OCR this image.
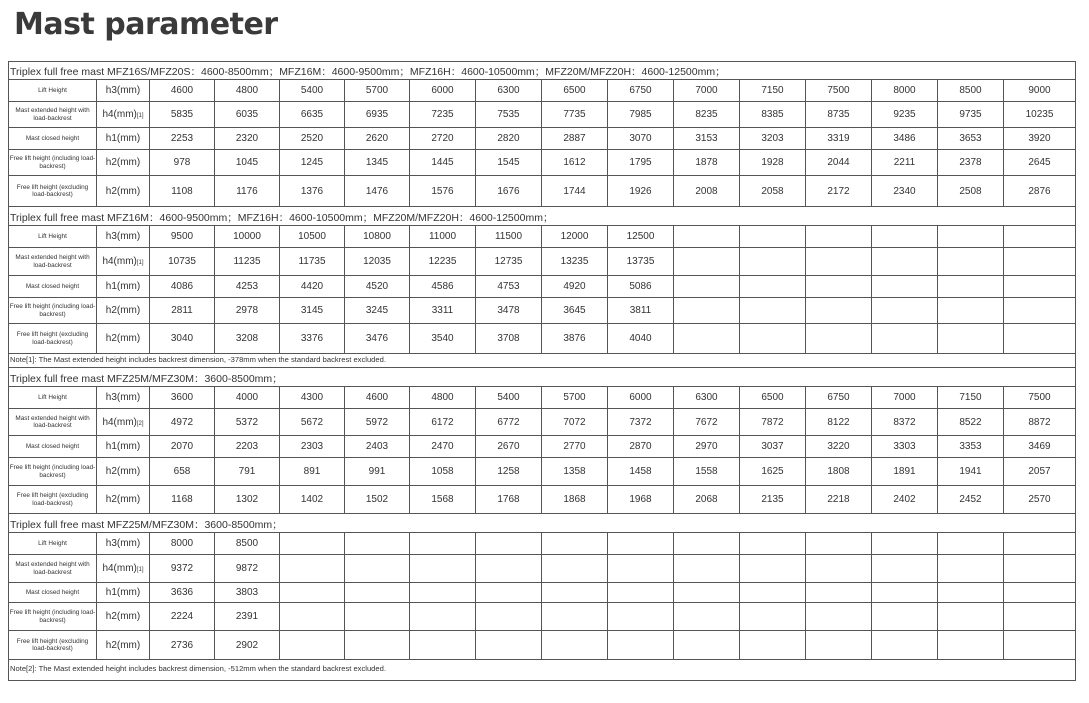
Mast parameter
Triplex full free mast MFZ16S/MFZ20S：4600-8500mm；MFZ16M：4600-9500mm；MFZ16H：4600-10500mm；MFZ20M/MFZ20H：4600-12500mm；
Lift Height	h3(mm)	4600	4800	5400	5700	6000	6300	6500	6750	7000	7150	7500	8000	8500	9000
Mast extended height with load-backrest	h4(mm)[1]	5835	6035	6635	6935	7235	7535	7735	7985	8235	8385	8735	9235	9735	10235
Mast closed height	h1(mm)	2253	2320	2520	2620	2720	2820	2887	3070	3153	3203	3319	3486	3653	3920
Free lift height (including load-backrest)	h2(mm)	978	1045	1245	1345	1445	1545	1612	1795	1878	1928	2044	2211	2378	2645
Free lift height (excluding load-backrest)	h2(mm)	1108	1176	1376	1476	1576	1676	1744	1926	2008	2058	2172	2340	2508	2876
Triplex full free mast MFZ16M：4600-9500mm；MFZ16H：4600-10500mm；MFZ20M/MFZ20H：4600-12500mm；
Lift Height	h3(mm)	9500	10000	10500	10800	11000	11500	12000	12500						
Mast extended height with load-backrest	h4(mm)[1]	10735	11235	11735	12035	12235	12735	13235	13735						
Mast closed height	h1(mm)	4086	4253	4420	4520	4586	4753	4920	5086						
Free lift height (including load-backrest)	h2(mm)	2811	2978	3145	3245	3311	3478	3645	3811						
Free lift height (excluding load-backrest)	h2(mm)	3040	3208	3376	3476	3540	3708	3876	4040						
Note[1]: The Mast extended height includes backrest dimension, -378mm when the standard backrest excluded.
Triplex full free mast MFZ25M/MFZ30M：3600-8500mm；
Lift Height	h3(mm)	3600	4000	4300	4600	4800	5400	5700	6000	6300	6500	6750	7000	7150	7500
Mast extended height with load-backrest	h4(mm)[2]	4972	5372	5672	5972	6172	6772	7072	7372	7672	7872	8122	8372	8522	8872
Mast closed height	h1(mm)	2070	2203	2303	2403	2470	2670	2770	2870	2970	3037	3220	3303	3353	3469
Free lift height (including load-backrest)	h2(mm)	658	791	891	991	1058	1258	1358	1458	1558	1625	1808	1891	1941	2057
Free lift height (excluding load-backrest)	h2(mm)	1168	1302	1402	1502	1568	1768	1868	1968	2068	2135	2218	2402	2452	2570
Triplex full free mast MFZ25M/MFZ30M：3600-8500mm；
Lift Height	h3(mm)	8000	8500												
Mast extended height with load-backrest	h4(mm)[1]	9372	9872												
Mast closed height	h1(mm)	3636	3803												
Free lift height (including load-backrest)	h2(mm)	2224	2391												
Free lift height (excluding load-backrest)	h2(mm)	2736	2902												
Note[2]: The Mast extended height includes backrest dimension, -512mm when the standard backrest excluded.
